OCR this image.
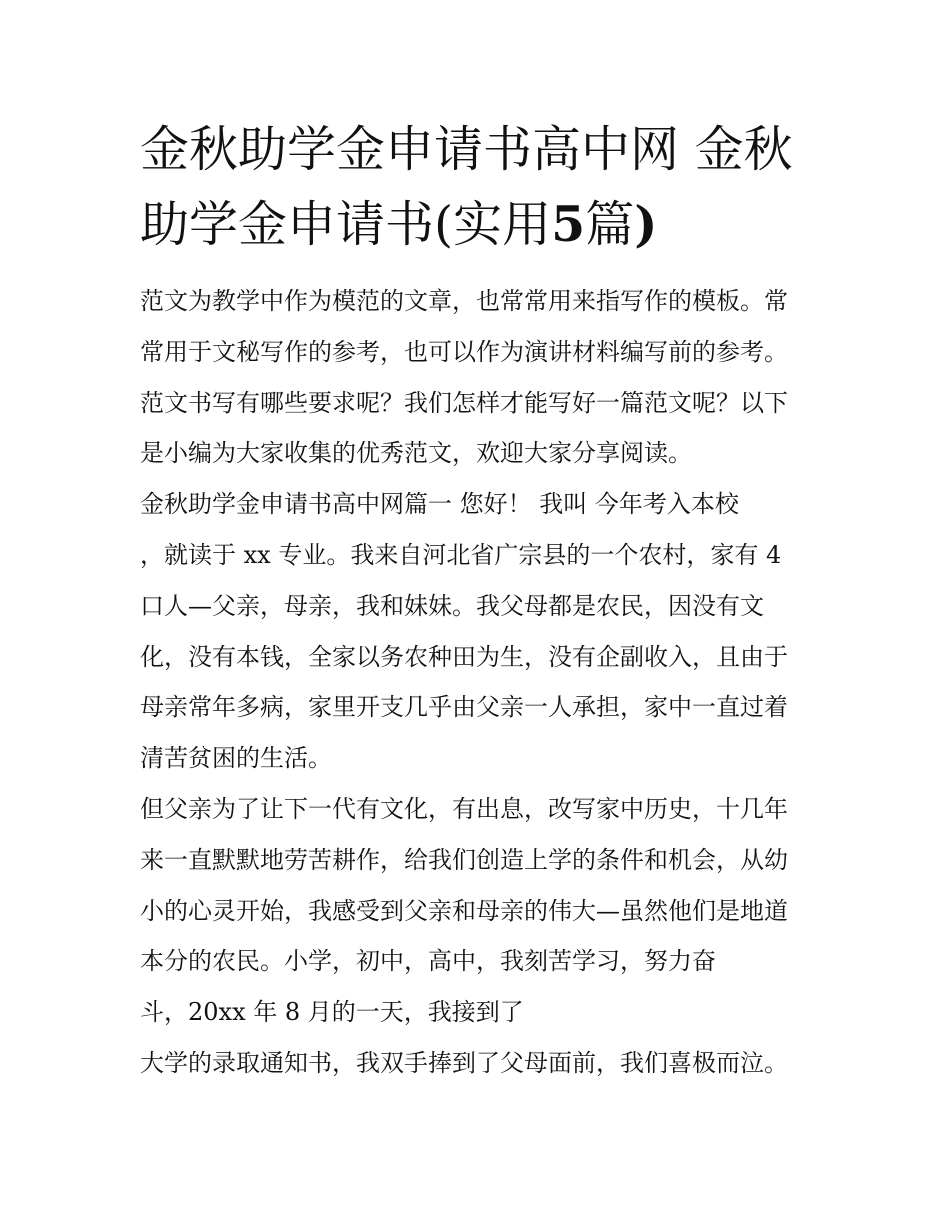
金秋助学金申请书高中网 金秋
助学金申请书(实用5篇)
范文为教学中作为模范的文章，也常常用来指写作的模板。常
常用于文秘写作的参考，也可以作为演讲材料编写前的参考。
范文书写有哪些要求呢？我们怎样才能写好一篇范文呢？以下
是小编为大家收集的优秀范文，欢迎大家分享阅读。
金秋助学金申请书高中网篇一 您好！ 我叫 今年考入本校
，就读于 xx 专业。我来自河北省广宗县的一个农村，家有 4
口人—父亲，母亲，我和妹妹。我父母都是农民，因没有文
化，没有本钱，全家以务农种田为生，没有企副收入，且由于
母亲常年多病，家里开支几乎由父亲一人承担，家中一直过着
清苦贫困的生活。
但父亲为了让下一代有文化，有出息，改写家中历史，十几年
来一直默默地劳苦耕作，给我们创造上学的条件和机会，从幼
小的心灵开始，我感受到父亲和母亲的伟大—虽然他们是地道
本分的农民。小学，初中，高中，我刻苦学习，努力奋
斗，20xx 年 8 月的一天，我接到了
大学的录取通知书，我双手捧到了父母面前，我们喜极而泣。
